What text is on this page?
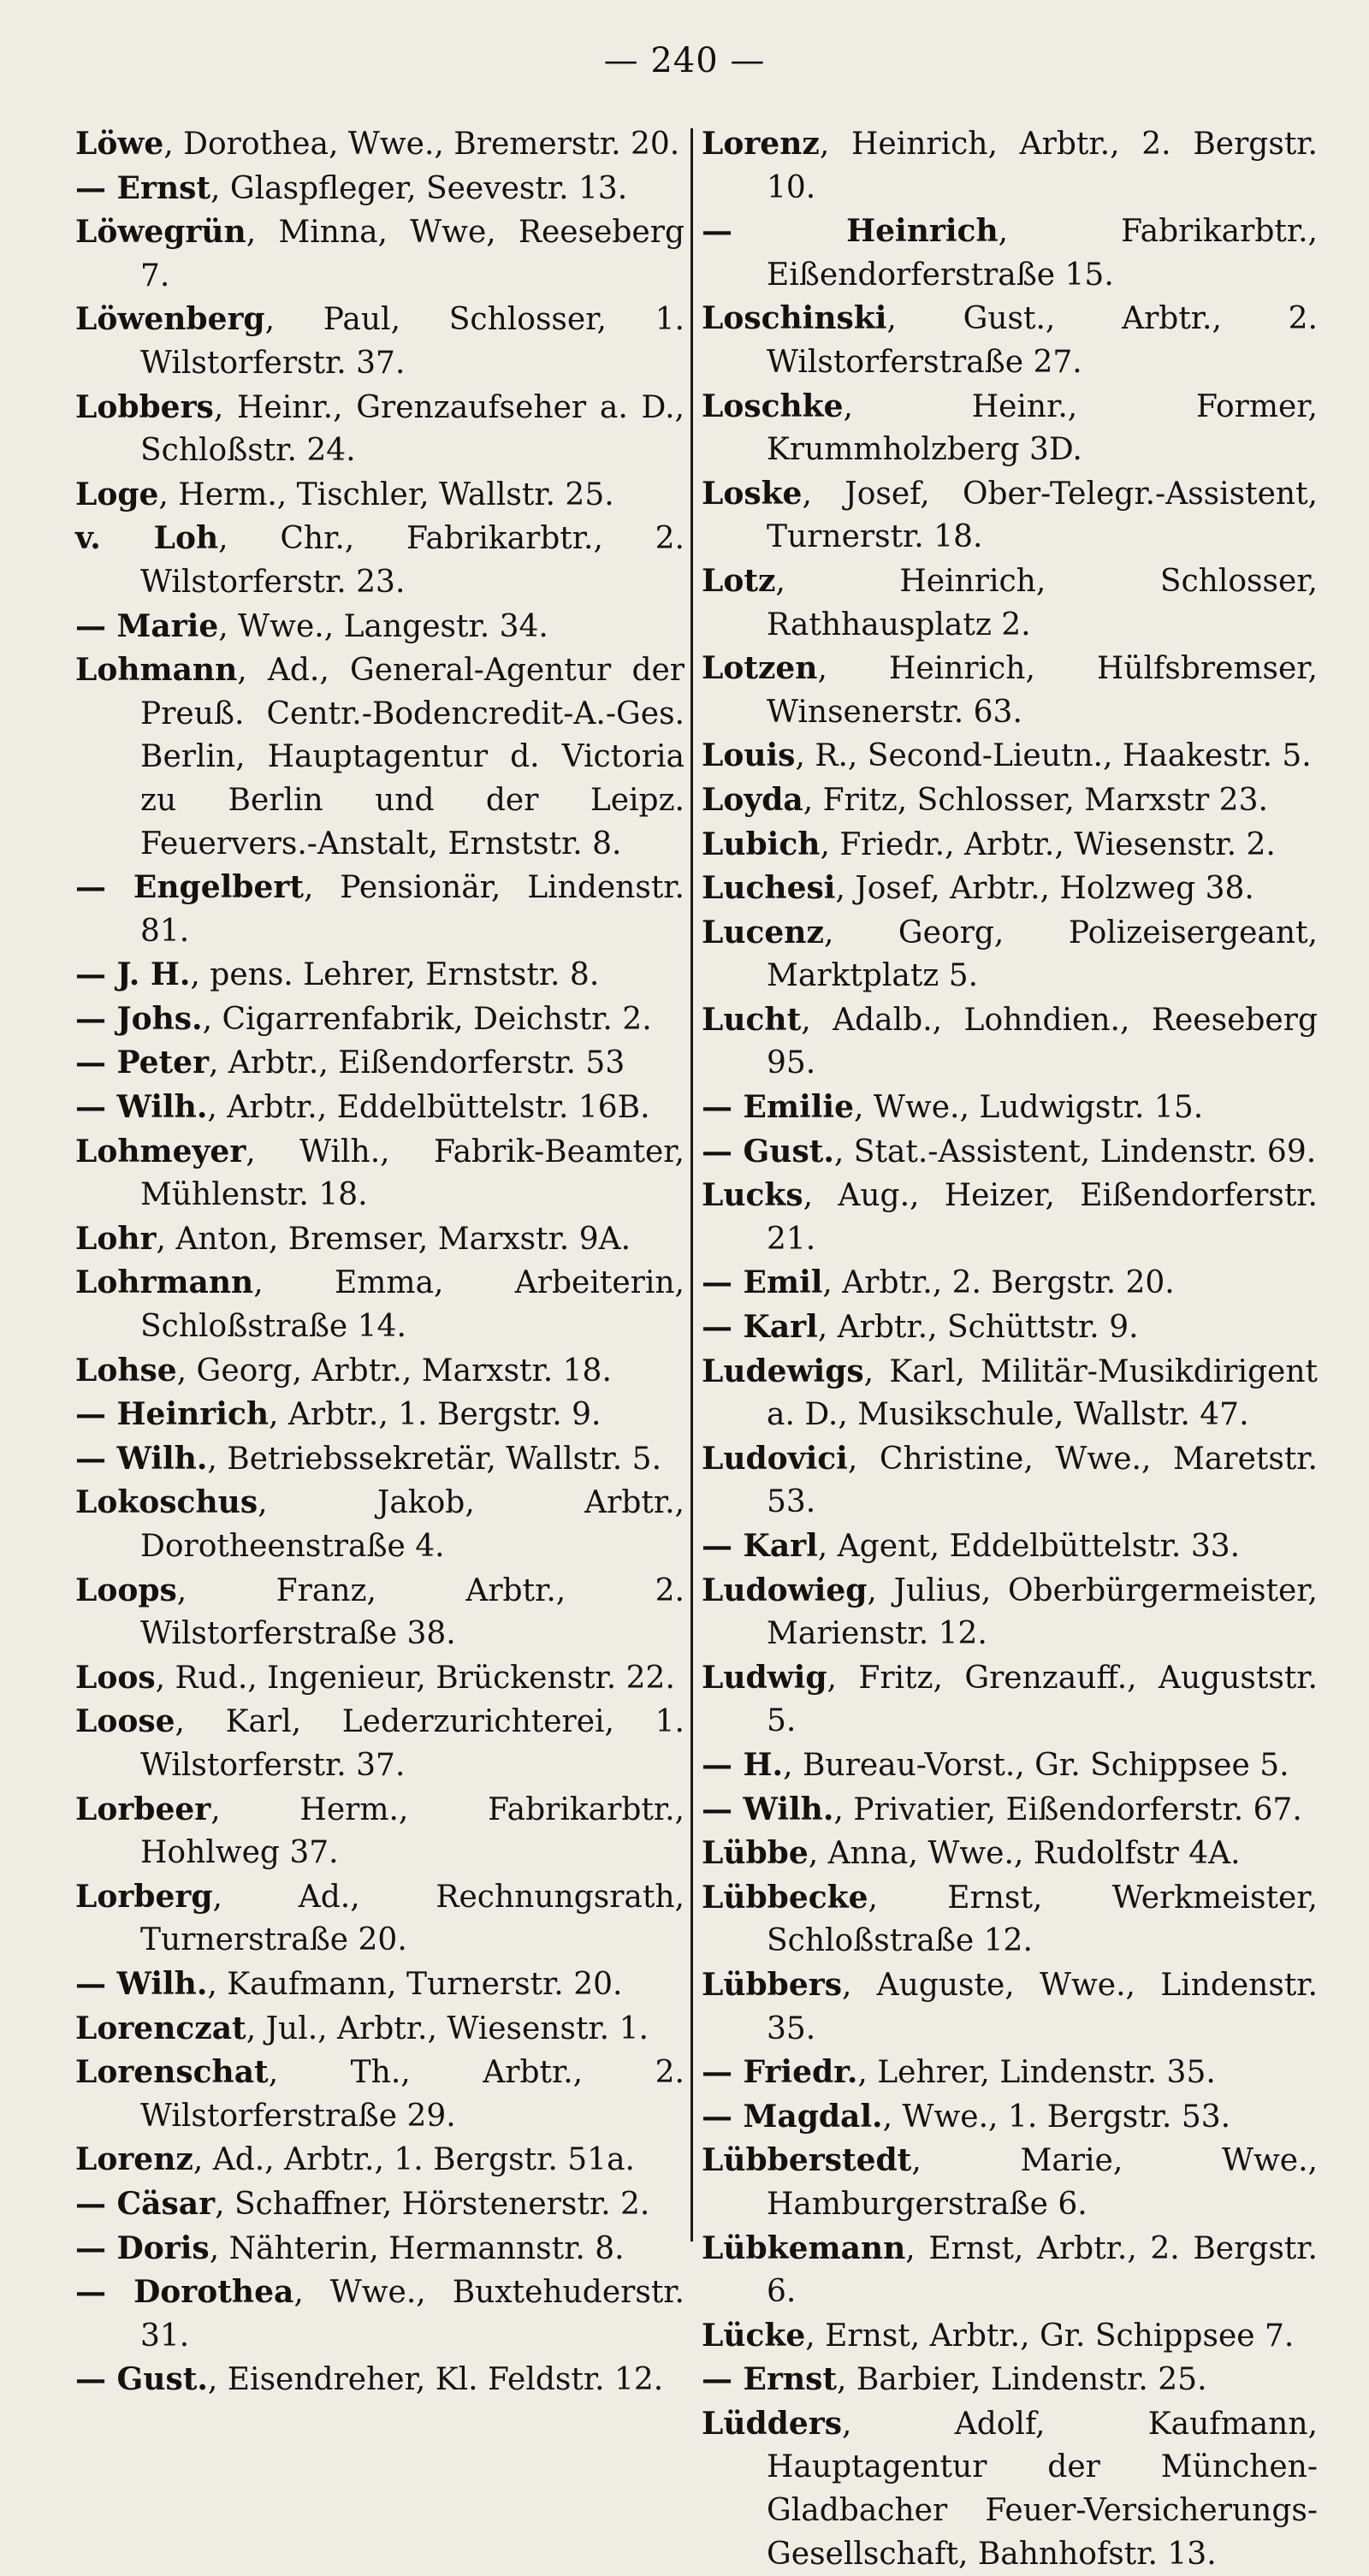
— 240 —

Löwe, Dorothea, Wwe., Bremerstr. 20.

— Ernst, Glaspfleger, Seevestr. 13.

Löwegrün, Minna, Wwe, Reeseberg 7.

Löwenberg, Paul, Schlosser, 1. Wilstorferstr. 37.

Lobbers, Heinr., Grenzaufseher a. D., Schloßstr. 24.

Loge, Herm., Tischler, Wallstr. 25.

v. Loh, Chr., Fabrikarbtr., 2. Wilstorferstr. 23.

— Marie, Wwe., Langestr. 34.

Lohmann, Ad., General-Agentur der Preuß. Centr.-Bodencredit-A.-Ges. Berlin, Hauptagentur d. Victoria zu Berlin und der Leipz. Feuervers.-Anstalt, Ernststr. 8.

— Engelbert, Pensionär, Lindenstr. 81.

— J. H., pens. Lehrer, Ernststr. 8.

— Johs., Cigarrenfabrik, Deichstr. 2.

— Peter, Arbtr., Eißendorferstr. 53

— Wilh., Arbtr., Eddelbüttelstr. 16B.

Lohmeyer, Wilh., Fabrik-Beamter, Mühlenstr. 18.

Lohr, Anton, Bremser, Marxstr. 9A.

Lohrmann, Emma, Arbeiterin, Schloßstraße 14.

Lohse, Georg, Arbtr., Marxstr. 18.

— Heinrich, Arbtr., 1. Bergstr. 9.

— Wilh., Betriebssekretär, Wallstr. 5.

Lokoschus, Jakob, Arbtr., Dorotheenstraße 4.

Loops, Franz, Arbtr., 2. Wilstorferstraße 38.

Loos, Rud., Ingenieur, Brückenstr. 22.

Loose, Karl, Lederzurichterei, 1. Wilstorferstr. 37.

Lorbeer, Herm., Fabrikarbtr., Hohlweg 37.

Lorberg, Ad., Rechnungsrath, Turnerstraße 20.

— Wilh., Kaufmann, Turnerstr. 20.

Lorenczat, Jul., Arbtr., Wiesenstr. 1.

Lorenschat, Th., Arbtr., 2. Wilstorferstraße 29.

Lorenz, Ad., Arbtr., 1. Bergstr. 51a.

— Cäsar, Schaffner, Hörstenerstr. 2.

— Doris, Nähterin, Hermannstr. 8.

— Dorothea, Wwe., Buxtehuderstr. 31.

— Gust., Eisendreher, Kl. Feldstr. 12.

Lorenz, Heinrich, Arbtr., 2. Bergstr. 10.

— Heinrich, Fabrikarbtr., Eißendorferstraße 15.

Loschinski, Gust., Arbtr., 2. Wilstorferstraße 27.

Loschke, Heinr., Former, Krummholzberg 3D.

Loske, Josef, Ober-Telegr.-Assistent, Turnerstr. 18.

Lotz, Heinrich, Schlosser, Rathhausplatz 2.

Lotzen, Heinrich, Hülfsbremser, Winsenerstr. 63.

Louis, R., Second-Lieutn., Haakestr. 5.

Loyda, Fritz, Schlosser, Marxstr 23.

Lubich, Friedr., Arbtr., Wiesenstr. 2.

Luchesi, Josef, Arbtr., Holzweg 38.

Lucenz, Georg, Polizeisergeant, Marktplatz 5.

Lucht, Adalb., Lohndien., Reeseberg 95.

— Emilie, Wwe., Ludwigstr. 15.

— Gust., Stat.-Assistent, Lindenstr. 69.

Lucks, Aug., Heizer, Eißendorferstr. 21.

— Emil, Arbtr., 2. Bergstr. 20.

— Karl, Arbtr., Schüttstr. 9.

Ludewigs, Karl, Militär-Musikdirigent a. D., Musikschule, Wallstr. 47.

Ludovici, Christine, Wwe., Maretstr. 53.

— Karl, Agent, Eddelbüttelstr. 33.

Ludowieg, Julius, Oberbürgermeister, Marienstr. 12.

Ludwig, Fritz, Grenzauff., Auguststr. 5.

— H., Bureau-Vorst., Gr. Schippsee 5.

— Wilh., Privatier, Eißendorferstr. 67.

Lübbe, Anna, Wwe., Rudolfstr 4A.

Lübbecke, Ernst, Werkmeister, Schloßstraße 12.

Lübbers, Auguste, Wwe., Lindenstr. 35.

— Friedr., Lehrer, Lindenstr. 35.

— Magdal., Wwe., 1. Bergstr. 53.

Lübberstedt, Marie, Wwe., Hamburgerstraße 6.

Lübkemann, Ernst, Arbtr., 2. Bergstr. 6.

Lücke, Ernst, Arbtr., Gr. Schippsee 7.

— Ernst, Barbier, Lindenstr. 25.

Lüdders, Adolf, Kaufmann, Hauptagentur der München-Gladbacher Feuer-Versicherungs-Gesellschaft, Bahnhofstr. 13.
